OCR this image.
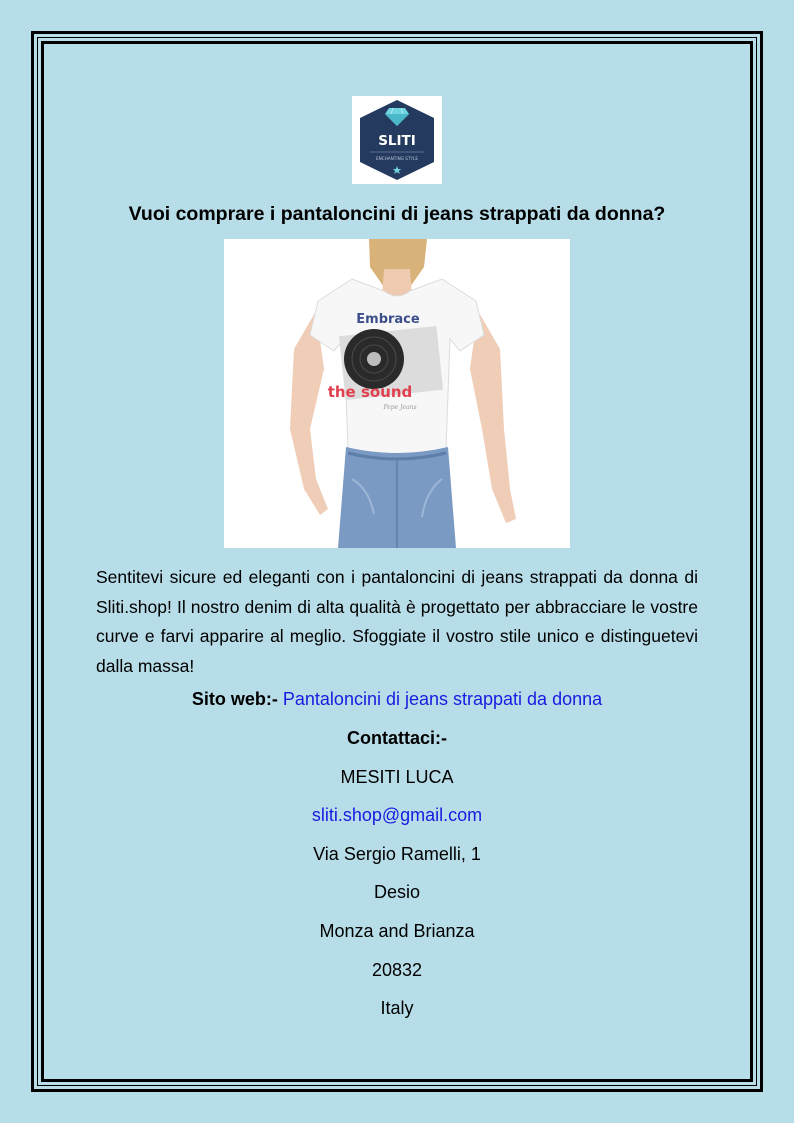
SLITI
ENCHANTING STYLE
Vuoi comprare i pantaloncini di jeans strappati da donna?
Embrace
the sound
Pepe Jeans

Sentitevi sicure ed eleganti con i pantaloncini di jeans strappati da donna di Sliti.shop! Il nostro denim di alta qualità è progettato per abbracciare le vostre curve e farvi apparire al meglio. Sfoggiate il vostro stile unico e distinguetevi dalla massa!

Sito web:- Pantaloncini di jeans strappati da donna

Contattaci:-

MESITI LUCA

sliti.shop@gmail.com

Via Sergio Ramelli, 1

Desio

Monza and Brianza

20832

Italy
